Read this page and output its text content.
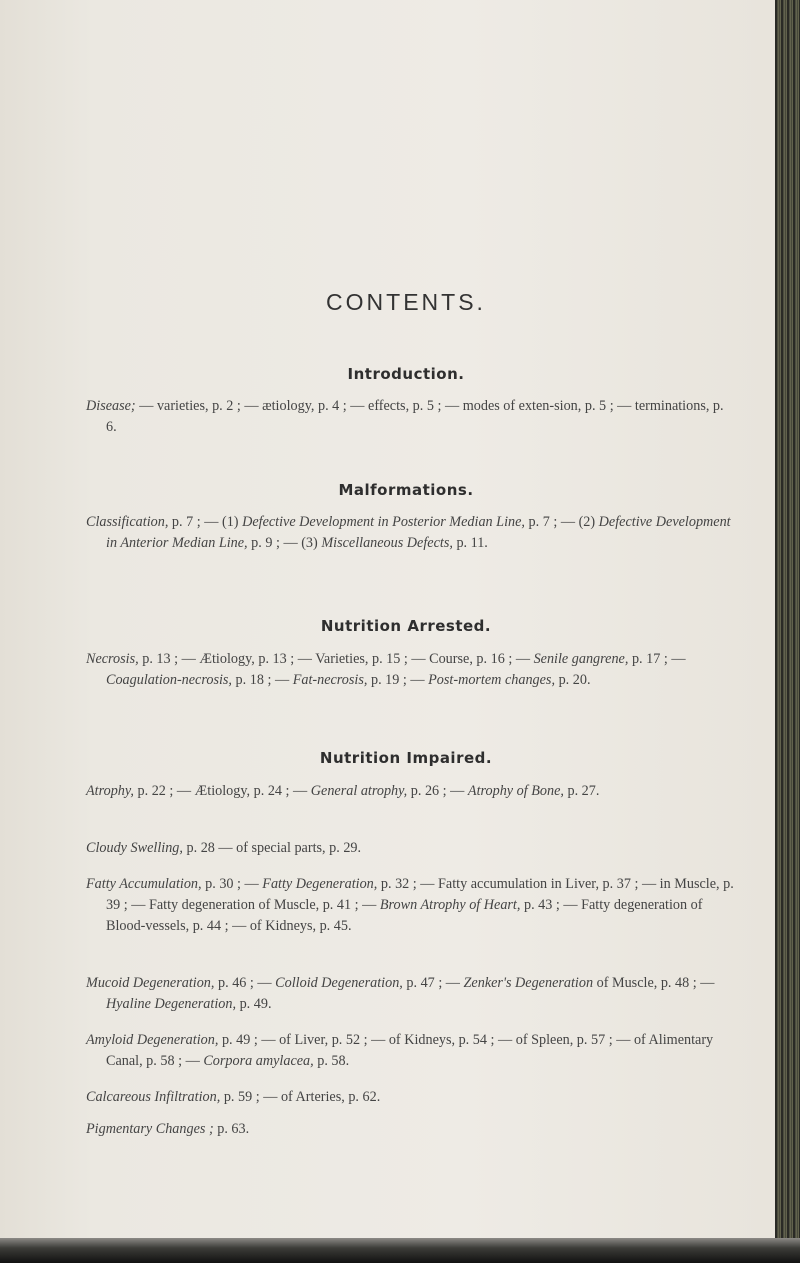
CONTENTS.
Introduction.
Disease; — varieties, p. 2 ; — ætiology, p. 4 ; — effects, p. 5 ; — modes of exten-sion, p. 5 ; — terminations, p. 6.
Malformations.
Classification, p. 7 ; — (1) Defective Development in Posterior Median Line, p. 7 ; — (2) Defective Development in Anterior Median Line, p. 9 ; — (3) Miscellaneous Defects, p. 11.
Nutrition Arrested.
Necrosis, p. 13 ; — Ætiology, p. 13 ; — Varieties, p. 15 ; — Course, p. 16 ; — Senile gangrene, p. 17 ; — Coagulation-necrosis, p. 18 ; — Fat-necrosis, p. 19 ; — Post-mortem changes, p. 20.
Nutrition Impaired.
Atrophy, p. 22 ; — Ætiology, p. 24 ; — General atrophy, p. 26 ; — Atrophy of Bone, p. 27.
Cloudy Swelling, p. 28 — of special parts, p. 29.
Fatty Accumulation, p. 30 ; — Fatty Degeneration, p. 32 ; — Fatty accumulation in Liver, p. 37 ; — in Muscle, p. 39 ; — Fatty degeneration of Muscle, p. 41 ; — Brown Atrophy of Heart, p. 43 ; — Fatty degeneration of Blood-vessels, p. 44 ; — of Kidneys, p. 45.
Mucoid Degeneration, p. 46 ; — Colloid Degeneration, p. 47 ; — Zenker's Degeneration of Muscle, p. 48 ; — Hyaline Degeneration, p. 49.
Amyloid Degeneration, p. 49 ; — of Liver, p. 52 ; — of Kidneys, p. 54 ; — of Spleen, p. 57 ; — of Alimentary Canal, p. 58 ; — Corpora amylacea, p. 58.
Calcareous Infiltration, p. 59 ; — of Arteries, p. 62.
Pigmentary Changes ; p. 63.
